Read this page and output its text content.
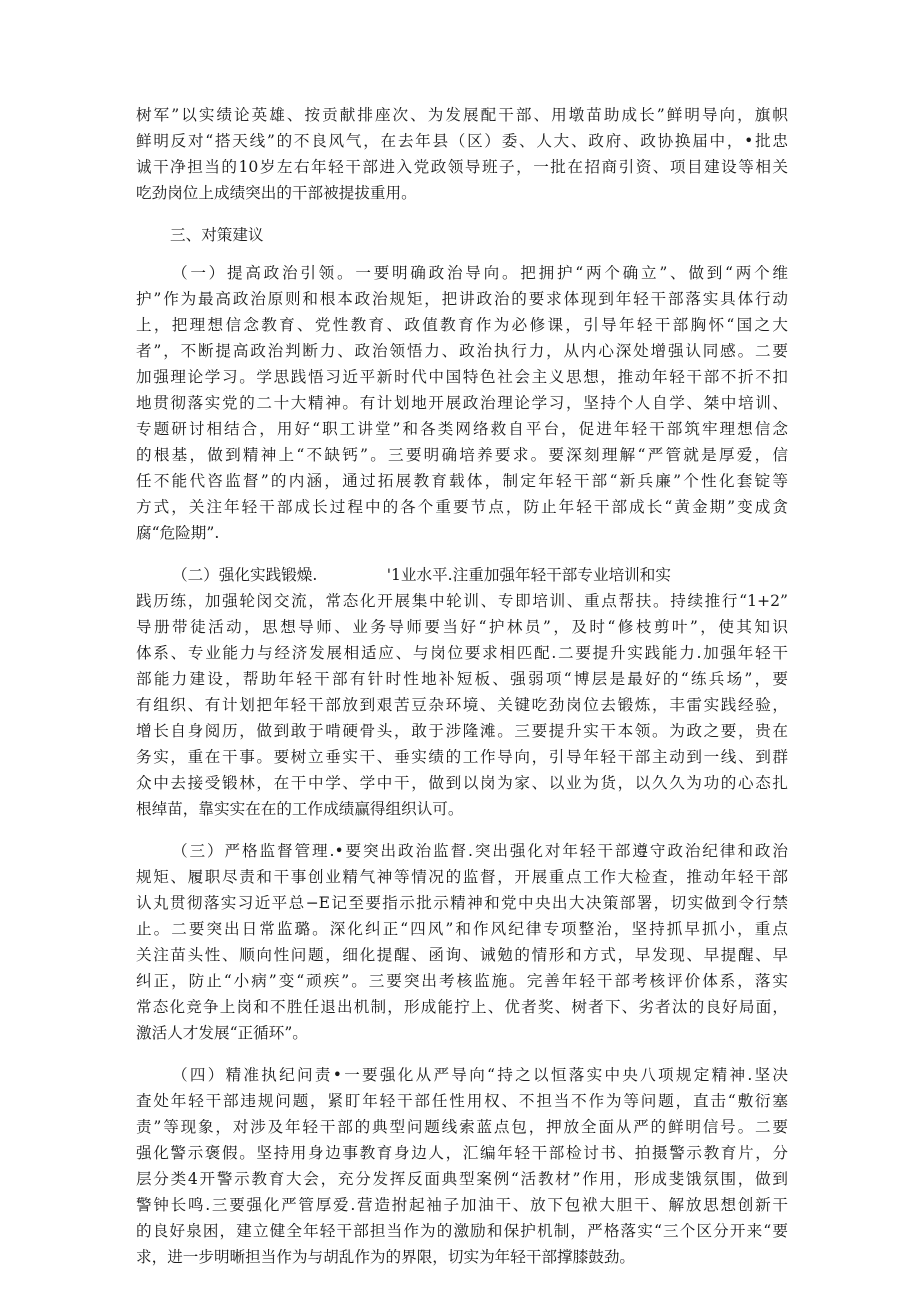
树军”以实绩论英雄、按贡献排座次、为发展配干部、用墩苗助成长”鲜明导向，旗帜
鲜明反对“搭天线”的不良风气，在去年县（区）委、人大、政府、政协换届中，•批忠
诚干净担当的10岁左右年轻干部进入党政领导班子，一批在招商引资、项目建设等相关
吃劲岗位上成绩突出的干部被提拔重用。
三、对策建议
（一）提高政治引领。一要明确政治导向。把拥护“两个确立”、做到“两个维
护”作为最高政治原则和根本政治规矩，把讲政治的要求体现到年轻干部落实具体行动
上，把理想信念教育、党性教育、政值教育作为必修课，引导年轻干部胸怀“国之大
者”，不断提高政治判断力、政治领悟力、政治执行力，从内心深处增强认同感。二要
加强理论学习。学思践悟习近平新时代中国特色社会主义思想，推动年轻干部不折不扣
地贯彻落实党的二十大精神。有计划地开展政治理论学习，坚持个人自学、桀中培训、
专题研讨相结合，用好“职工讲堂”和各类网络救自平台，促进年轻干部筑牢理想信念
的根基，做到精神上“不缺钙”。三要明确培养要求。要深刻理解“严管就是厚爱，信
任不能代咨监督”的内涵，通过拓展教育载体，制定年轻干部“新兵廉”个性化套锭等
方式，关注年轻干部成长过程中的各个重要节点，防止年轻干部成长“黄金期”变成贪
腐“危险期”.
（二）强化实践锻燥.              '1业水平.注重加强年轻干部专业培训和实
践历练，加强轮闵交流，常态化开展集中轮训、专即培训、重点帮扶。持续推行“1+2”
导册带徒活动，思想导师、业务导师要当好“护林员”，及时“修枝剪叶”，使其知识
体系、专业能力与经济发展相适应、与岗位要求相匹配.二要提升实践能力.加强年轻干
部能力建设，帮助年轻干部有针时性地补短板、强弱项“博层是最好的“练兵场”，要
有组织、有计划把年轻干部放到艰苦豆杂环境、关键吃劲岗位去锻炼，丰雷实践经验，
增长自身阅历，做到敢于啃硬骨头，敢于涉隆滩。三要提升实干本领。为政之要，贵在
务实，重在干事。要树立垂实干、垂实绩的工作导向，引导年轻干部主动到一线、到群
众中去接受锻林，在干中学、学中干，做到以岗为家、以业为货，以久久为功的心态扎
根绰苗，靠实实在在的工作成绩赢得组织认可。
（三）严格监督管理.•要突出政治监督.突出强化对年轻干部遵守政治纪律和政治
规矩、履职尽责和干事创业精气神等情况的监督，开展重点工作大检查，推动年轻干部
认丸贯彻落实习近平总−E记至要指示批示精神和党中央出大决策部署，切实做到令行禁
止。二要突出日常监璐。深化纠正“四风”和作风纪律专项整治，坚持抓早抓小，重点
关注苗头性、顺向性问题，细化提醒、函询、诫勉的情形和方式，早发现、早提醒、早
纠正，防止“小病”变“顽疾”。三要突出考核监施。完善年轻干部考核评价体系，落实
常态化竞争上岗和不胜任退出机制，形成能拧上、优者奖、树者下、劣者汰的良好局面，
激活人才发展“正循环”。
（四）精准执纪问责•一要强化从严导向“持之以恒落实中央八项规定精神.坚决
査处年轻干部违规问题，紧盯年轻干部任性用权、不担当不作为等问题，直击“敷衍塞
责”等现象，对涉及年轻干部的典型问题线索蓝点包，押放全面从严的鲜明信号。二要
强化警示褒假。坚持用身边事教育身边人，汇编年轻干部检讨书、拍摄警示教育片，分
层分类4开警示教育大会，充分发挥反面典型案例“活教材”作用，形成斐饿氛围，做到
警钟长鸣.三要强化严管厚爱.营造拊起袖子加油干、放下包袱大胆干、解放思想创新干
的良好泉困，建立健全年轻干部担当作为的激励和保护机制，严格落实“三个区分开来“要
求，进一步明晰担当作为与胡乱作为的界限，切实为年轻干部撑膝鼓劲。
